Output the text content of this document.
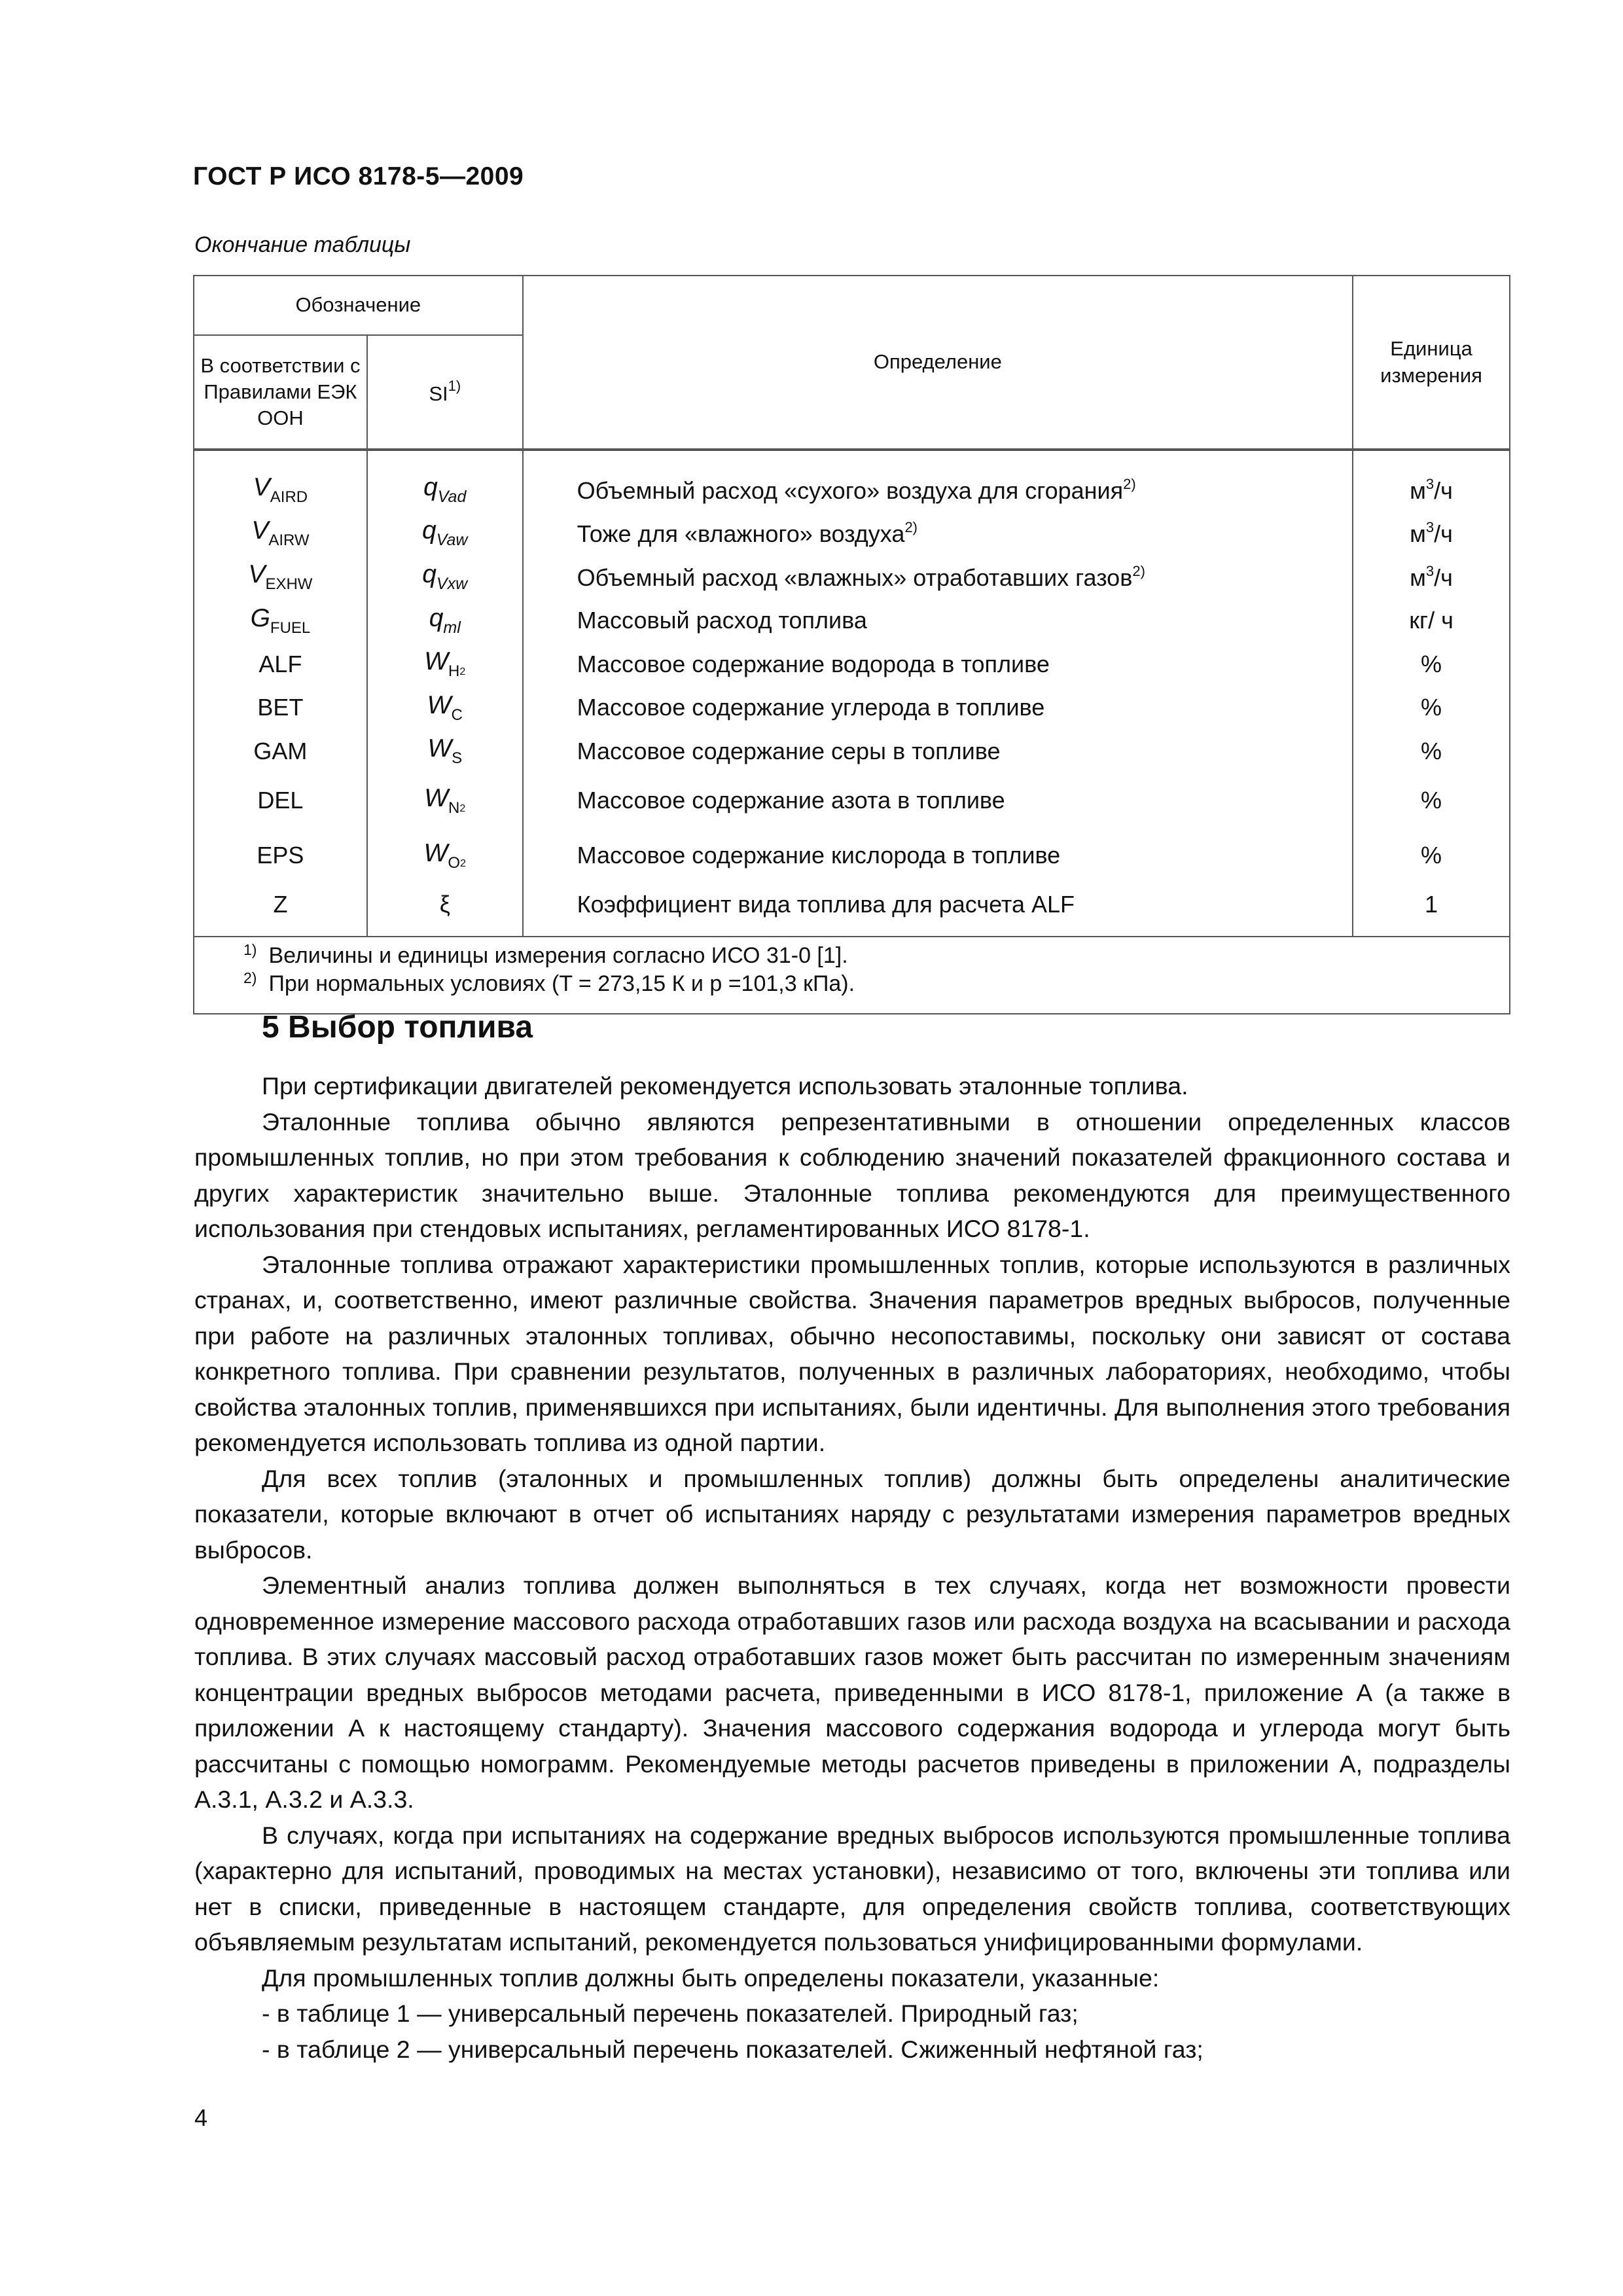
ГОСТ Р ИСО 8178-5—2009

Окончание таблицы

Обозначение		Определение	Единица измерения
В соответствии с Правилами ЕЭК ООН	SI$^{1)}$
$V_{AIRD}$	$q_{Vad}$	Объемный расход «сухого» воздуха для сгорания$^{2)}$	м$^3$/ч
$V_{AIRW}$	$q_{Vaw}$	Тоже для «влажного» воздуха$^{2)}$	м$^3$/ч
$V_{EXHW}$	$q_{Vxw}$	Объемный расход «влажных» отработавших газов$^{2)}$	м$^3$/ч
$G_{FUEL}$	$q_{ml}$	Массовый расход топлива	кг/ ч
ALF	$W_{H2}$	Массовое содержание водорода в топливе	%
BET	$W_C$	Массовое содержание углерода в топливе	%
GAM	$W_S$	Массовое содержание серы в топливе	%
DEL	$W_{N2}$	Массовое содержание азота в топливе	%
EPS	$W_{O2}$	Массовое содержание кислорода в топливе	%
Z	ξ	Коэффициент вида топлива для расчета ALF	1

$^{1)}$ Величины и единицы измерения согласно ИСО 31-0 [1].
$^{2)}$ При нормальных условиях (T = 273,15 К и р =101,3 кПа).			
5 Выбор топлива

При сертификации двигателей рекомендуется использовать эталонные топлива.

Эталонные топлива обычно являются репрезентативными в отношении определенных классов промышленных топлив, но при этом требования к соблюдению значений показателей фракционного состава и других характеристик значительно выше. Эталонные топлива рекомендуются для преимущественного использования при стендовых испытаниях, регламентированных ИСО 8178-1.

Эталонные топлива отражают характеристики промышленных топлив, которые используются в различных странах, и, соответственно, имеют различные свойства. Значения параметров вредных выбросов, полученные при работе на различных эталонных топливах, обычно несопоставимы, поскольку они зависят от состава конкретного топлива. При сравнении результатов, полученных в различных лабораториях, необходимо, чтобы свойства эталонных топлив, применявшихся при испытаниях, были идентичны. Для выполнения этого требования рекомендуется использовать топлива из одной партии.

Для всех топлив (эталонных и промышленных топлив) должны быть определены аналитические показатели, которые включают в отчет об испытаниях наряду с результатами измерения параметров вредных выбросов.

Элементный анализ топлива должен выполняться в тех случаях, когда нет возможности провести одновременное измерение массового расхода отработавших газов или расхода воздуха на всасывании и расхода топлива. В этих случаях массовый расход отработавших газов может быть рассчитан по измеренным значениям концентрации вредных выбросов методами расчета, приведенными в ИСО 8178-1, приложение А (а также в приложении А к настоящему стандарту). Значения массового содержания водорода и углерода могут быть рассчитаны с помощью номограмм. Рекомендуемые методы расчетов приведены в приложении А, подразделы А.3.1, А.3.2 и А.3.3.

В случаях, когда при испытаниях на содержание вредных выбросов используются промышленные топлива (характерно для испытаний, проводимых на местах установки), независимо от того, включены эти топлива или нет в списки, приведенные в настоящем стандарте, для определения свойств топлива, соответствующих объявляемым результатам испытаний, рекомендуется пользоваться унифицированными формулами.

Для промышленных топлив должны быть определены показатели, указанные:

- в таблице 1 — универсальный перечень показателей. Природный газ;

- в таблице 2 — универсальный перечень показателей. Сжиженный нефтяной газ;

4
